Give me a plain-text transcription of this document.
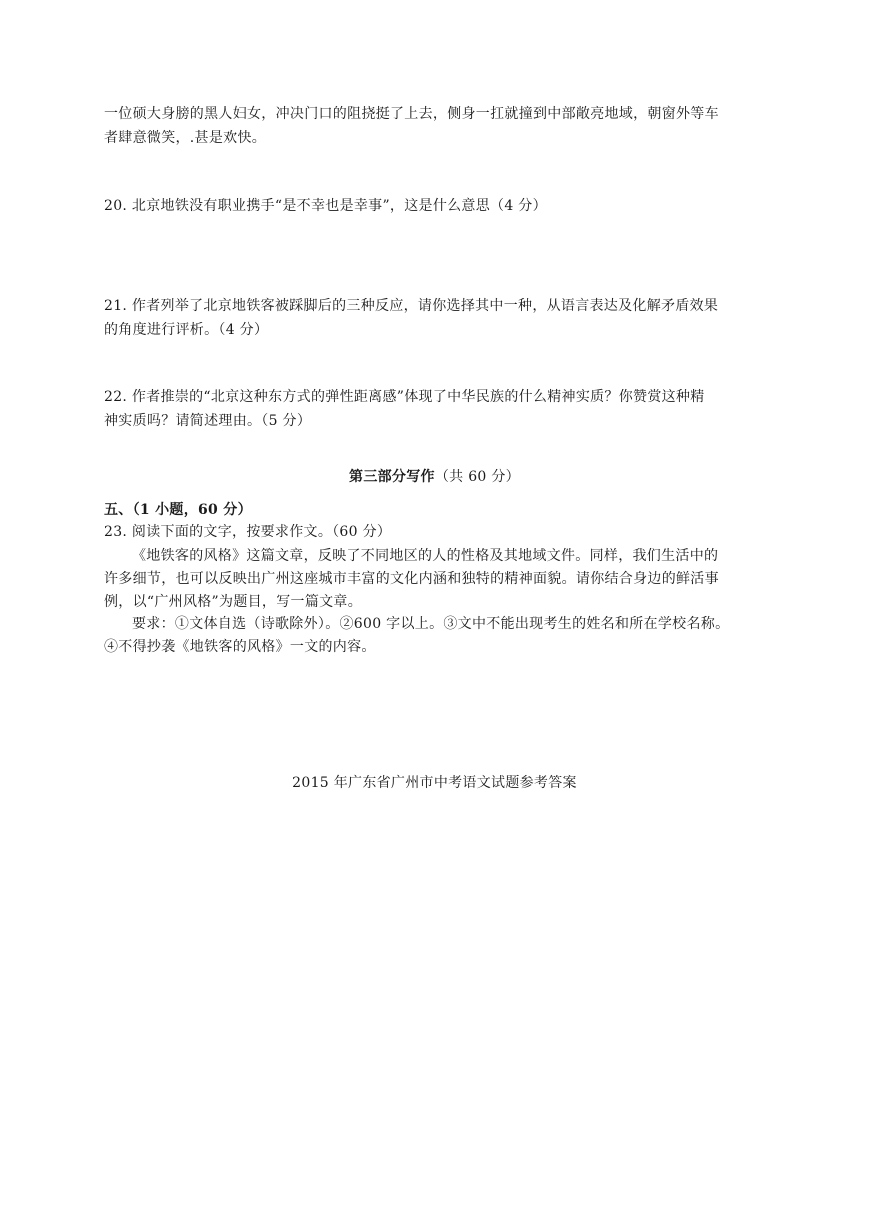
一位硕大身膀的黑人妇女，冲决门口的阻挠挺了上去，侧身一扛就撞到中部敞亮地域，朝窗外等车
者肆意微笑，.甚是欢快。
20. 北京地铁没有职业携手“是不幸也是幸事”，这是什么意思（4 分）
21. 作者列举了北京地铁客被踩脚后的三种反应，请你选择其中一种，从语言表达及化解矛盾效果
的角度进行评析。（4 分）
22. 作者推崇的“北京这种东方式的弹性距离感”体现了中华民族的什么精神实质？你赞赏这种精
神实质吗？请简述理由。（5 分）
第三部分写作（共 60 分）
五、（1 小题，60 分）
23. 阅读下面的文字，按要求作文。（60 分）
《地铁客的风格》这篇文章，反映了不同地区的人的性格及其地域文件。同样，我们生活中的
许多细节，也可以反映出广州这座城市丰富的文化内涵和独特的精神面貌。请你结合身边的鲜活事
例，以“广州风格”为题目，写一篇文章。
要求：①文体自选（诗歌除外）。②600 字以上。③文中不能出现考生的姓名和所在学校名称。
④不得抄袭《地铁客的风格》一文的内容。
2015 年广东省广州市中考语文试题参考答案
